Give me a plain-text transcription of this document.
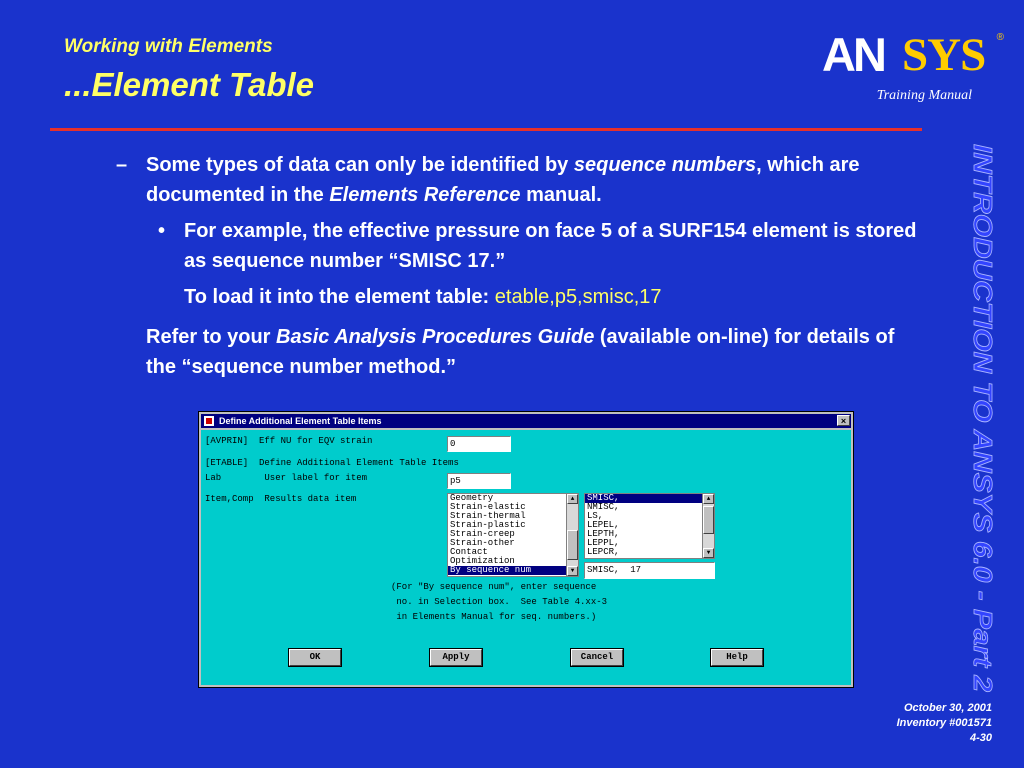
Working with Elements
...Element Table
AN SYS ®
Training Manual
INTRODUCTION TO ANSYS 6.0 - Part 2
– Some types of data can only be identified by sequence numbers, which are documented in the Elements Reference manual.
• For example, the effective pressure on face 5 of a SURF154 element is stored as sequence number “SMISC 17.”
To load it into the element table: etable,p5,smisc,17
Refer to your Basic Analysis Procedures Guide (available on-line) for details of the “sequence number method.”
Define Additional Element Table Items	×
[AVPRIN]  Eff NU for EQV strain	0
[ETABLE]  Define Additional Element Table Items
Lab        User label for item	p5
Item,Comp  Results data item	Geometry
Strain-elastic
Strain-thermal
Strain-plastic
Strain-creep
Strain-other
Contact
Optimization
By sequence num
▲
▼
SMISC,
NMISC,
LS,
LEPEL,
LEPTH,
LEPPL,
LEPCR,
▲
▼
SMISC,  17
(For "By sequence num", enter sequence
no. in Selection box.  See Table 4.xx-3
in Elements Manual for seq. numbers.)
OK	Apply	Cancel	Help
October 30, 2001
Inventory #001571
4-30
